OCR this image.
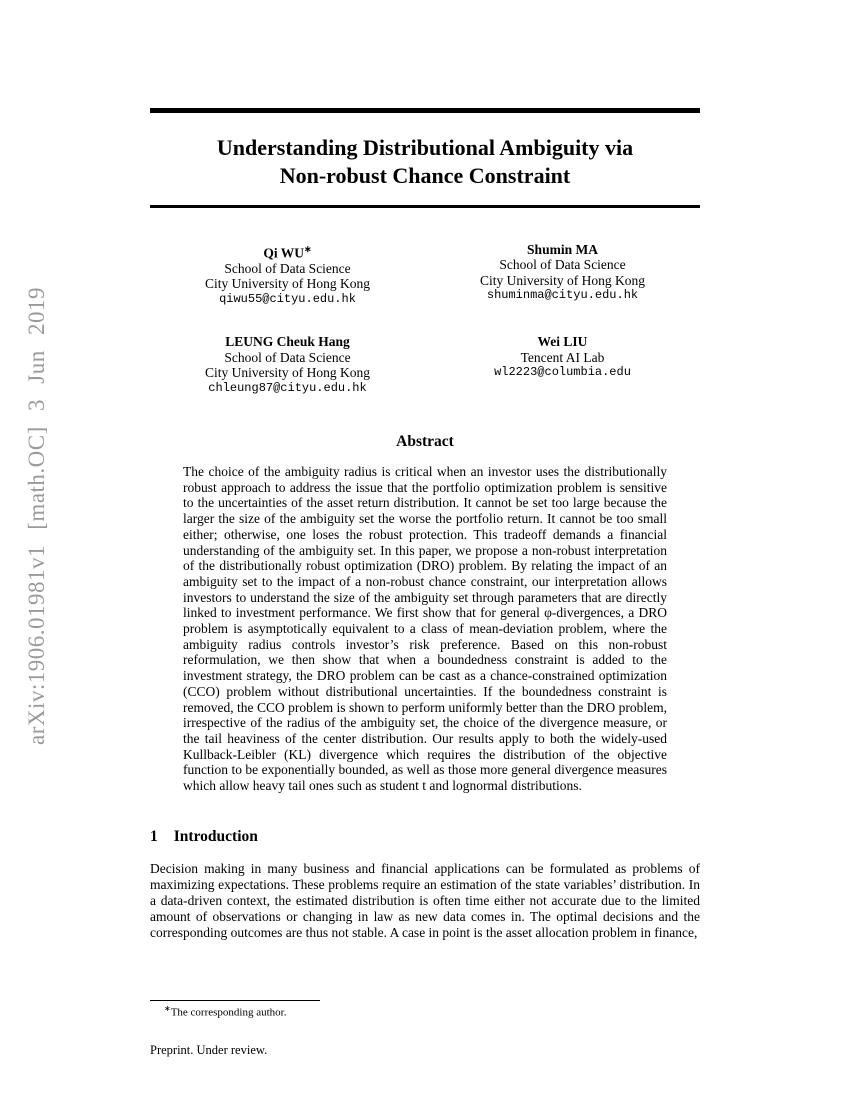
arXiv:1906.01981v1 [math.OC] 3 Jun 2019
Understanding Distributional Ambiguity via
Non-robust Chance Constraint
Qi WU∗
School of Data Science
City University of Hong Kong
qiwu55@cityu.edu.hk
Shumin MA
School of Data Science
City University of Hong Kong
shuminma@cityu.edu.hk
LEUNG Cheuk Hang
School of Data Science
City University of Hong Kong
chleung87@cityu.edu.hk
Wei LIU
Tencent AI Lab
wl2223@columbia.edu
Abstract
The choice of the ambiguity radius is critical when an investor uses the distributionally robust approach to address the issue that the portfolio optimization problem is sensitive to the uncertainties of the asset return distribution. It cannot be set too large because the larger the size of the ambiguity set the worse the portfolio return. It cannot be too small either; otherwise, one loses the robust protection. This tradeoff demands a financial understanding of the ambiguity set. In this paper, we propose a non-robust interpretation of the distributionally robust optimization (DRO) problem. By relating the impact of an ambiguity set to the impact of a non-robust chance constraint, our interpretation allows investors to understand the size of the ambiguity set through parameters that are directly linked to investment performance. We first show that for general φ-divergences, a DRO problem is asymptotically equivalent to a class of mean-deviation problem, where the ambiguity radius controls investor’s risk preference. Based on this non-robust reformulation, we then show that when a boundedness constraint is added to the investment strategy, the DRO problem can be cast as a chance-constrained optimization (CCO) problem without distributional uncertainties. If the boundedness constraint is removed, the CCO problem is shown to perform uniformly better than the DRO problem, irrespective of the radius of the ambiguity set, the choice of the divergence measure, or the tail heaviness of the center distribution. Our results apply to both the widely-used Kullback-Leibler (KL) divergence which requires the distribution of the objective function to be exponentially bounded, as well as those more general divergence measures which allow heavy tail ones such as student t and lognormal distributions.
1 Introduction
Decision making in many business and financial applications can be formulated as problems of maximizing expectations. These problems require an estimation of the state variables’ distribution. In a data-driven context, the estimated distribution is often time either not accurate due to the limited amount of observations or changing in law as new data comes in. The optimal decisions and the corresponding outcomes are thus not stable. A case in point is the asset allocation problem in finance,
∗The corresponding author.
Preprint. Under review.
